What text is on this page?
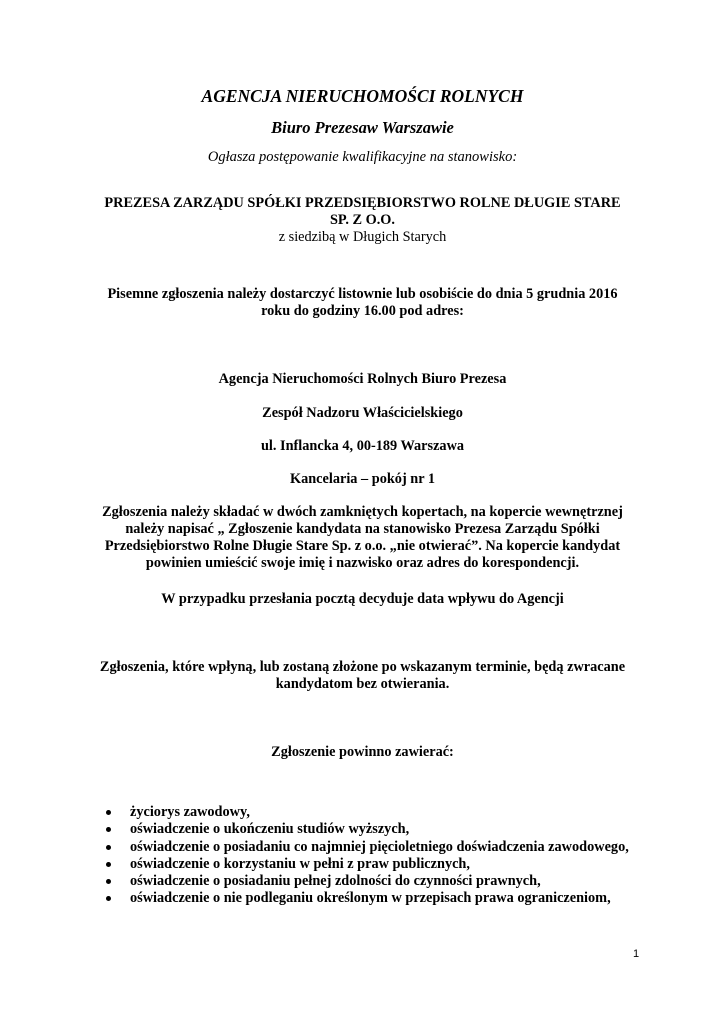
AGENCJA NIERUCHOMOŚCI ROLNYCH

Biuro Prezesaw Warszawie

Ogłasza postępowanie kwalifikacyjne na stanowisko:

PREZESA ZARZĄDU SPÓŁKI PRZEDSIĘBIORSTWO ROLNE DŁUGIE STARE
SP. Z O.O.

z siedzibą w Długich Starych

Pisemne zgłoszenia należy dostarczyć listownie lub osobiście do dnia 5 grudnia 2016
roku do godziny 16.00 pod adres:

Agencja Nieruchomości Rolnych Biuro Prezesa

Zespół Nadzoru Właścicielskiego

ul. Inflancka 4, 00-189 Warszawa

Kancelaria – pokój nr 1

Zgłoszenia należy składać w dwóch zamkniętych kopertach, na kopercie wewnętrznej
należy napisać „ Zgłoszenie kandydata na stanowisko Prezesa Zarządu Spółki
Przedsiębiorstwo Rolne Długie Stare Sp. z o.o. „nie otwierać”. Na kopercie kandydat
powinien umieścić swoje imię i nazwisko oraz adres do korespondencji.

W przypadku przesłania pocztą decyduje data wpływu do Agencji

Zgłoszenia, które wpłyną, lub zostaną złożone po wskazanym terminie, będą zwracane
kandydatom bez otwierania.

Zgłoszenie powinno zawierać:

życiorys zawodowy,
oświadczenie o ukończeniu studiów wyższych,
oświadczenie o posiadaniu co najmniej pięcioletniego doświadczenia zawodowego,
oświadczenie o korzystaniu w pełni z praw publicznych,
oświadczenie o posiadaniu pełnej zdolności do czynności prawnych,
oświadczenie o nie podleganiu określonym w przepisach prawa ograniczeniom,
1
